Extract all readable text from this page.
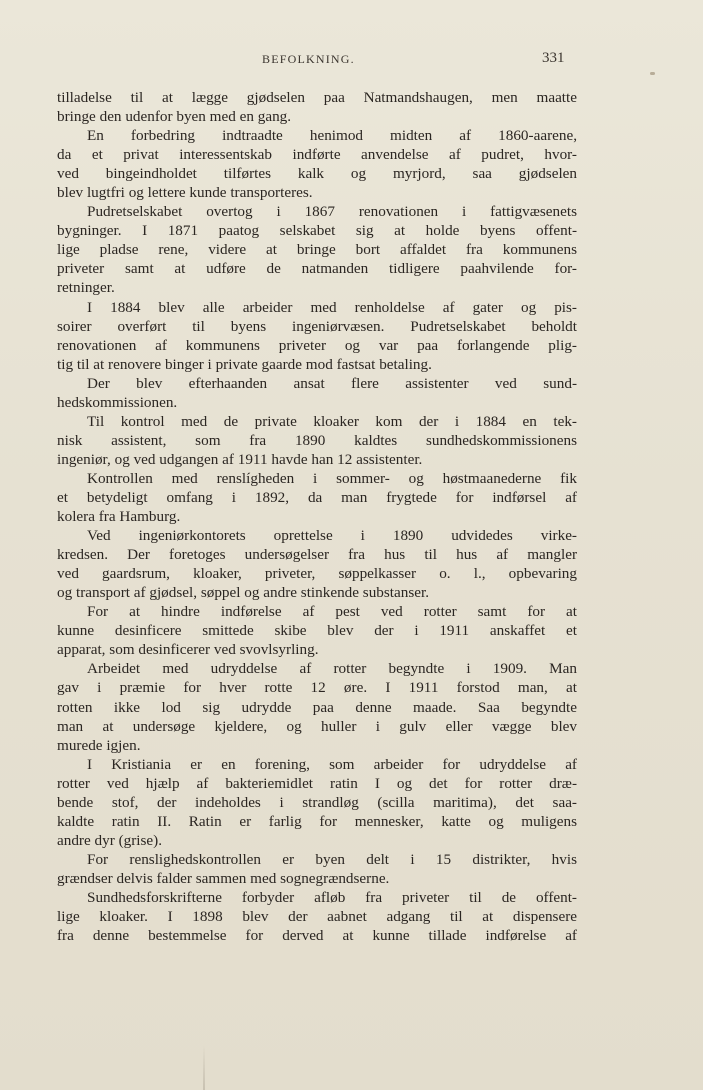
BEFOLKNING.	331
tilladelse til at lægge gjødselen paa Natmandshaugen, men maatte
bringe den udenfor byen med en gang.
En forbedring indtraadte henimod midten af 1860-aarene,
da et privat interessentskab indførte anvendelse af pudret, hvor-
ved bingeindholdet tilførtes kalk og myrjord, saa gjødselen
blev lugtfri og lettere kunde transporteres.
Pudretselskabet overtog i 1867 renovationen i fattigvæsenets
bygninger. I 1871 paatog selskabet sig at holde byens offent-
lige pladse rene, videre at bringe bort affaldet fra kommunens
priveter samt at udføre de natmanden tidligere paahvilende for-
retninger.
I 1884 blev alle arbeider med renholdelse af gater og pis-
soirer overført til byens ingeniørvæsen. Pudretselskabet beholdt
renovationen af kommunens priveter og var paa forlangende plig-
tig til at renovere binger i private gaarde mod fastsat betaling.
Der blev efterhaanden ansat flere assistenter ved sund-
hedskommissionen.
Til kontrol med de private kloaker kom der i 1884 en tek-
nisk assistent, som fra 1890 kaldtes sundhedskommissionens
ingeniør, og ved udgangen af 1911 havde han 12 assistenter.
Kontrollen med renslígheden i sommer- og høstmaanederne fik
et betydeligt omfang i 1892, da man frygtede for indførsel af
kolera fra Hamburg.
Ved ingeniørkontorets oprettelse i 1890 udvidedes virke-
kredsen. Der foretoges undersøgelser fra hus til hus af mangler
ved gaardsrum, kloaker, priveter, søppelkasser o. l., opbevaring
og transport af gjødsel, søppel og andre stinkende substanser.
For at hindre indførelse af pest ved rotter samt for at
kunne desinficere smittede skibe blev der i 1911 anskaffet et
apparat, som desinficerer ved svovlsyrling.
Arbeidet med udryddelse af rotter begyndte i 1909. Man
gav i præmie for hver rotte 12 øre. I 1911 forstod man, at
rotten ikke lod sig udrydde paa denne maade. Saa begyndte
man at undersøge kjeldere, og huller i gulv eller vægge blev
murede igjen.
I Kristiania er en forening, som arbeider for udryddelse af
rotter ved hjælp af bakteriemidlet ratin I og det for rotter dræ-
bende stof, der indeholdes i strandløg (scilla maritima), det saa-
kaldte ratin II. Ratin er farlig for mennesker, katte og muligens
andre dyr (grise).
For renslighedskontrollen er byen delt i 15 distrikter, hvis
grændser delvis falder sammen med sognegrændserne.
Sundhedsforskrifterne forbyder afløb fra priveter til de offent-
lige kloaker. I 1898 blev der aabnet adgang til at dispensere
fra denne bestemmelse for derved at kunne tillade indførelse af
